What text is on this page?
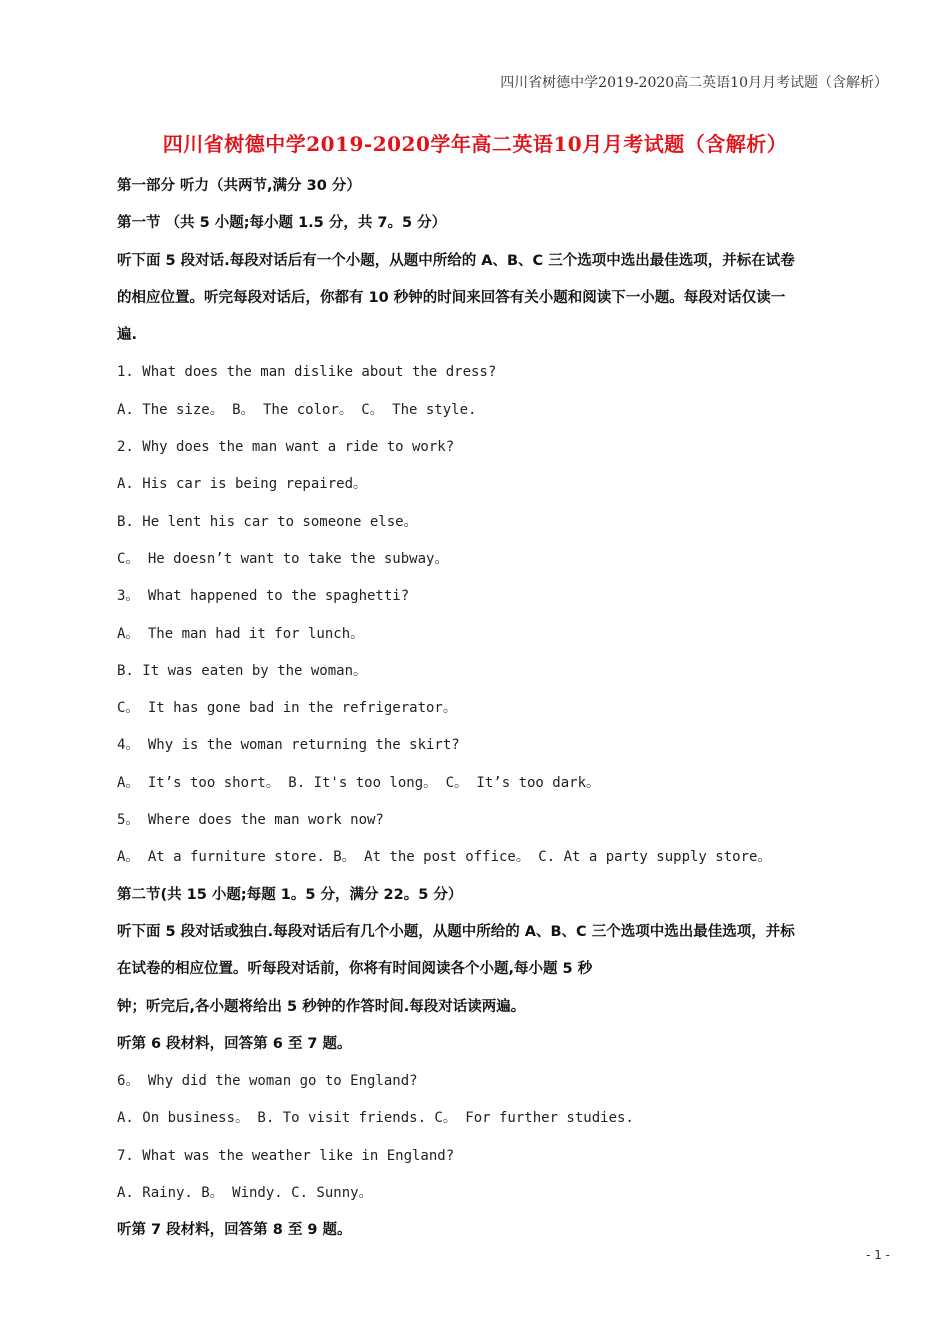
四川省树德中学2019-2020高二英语10月月考试题（含解析）
四川省树德中学2019-2020学年高二英语10月月考试题（含解析）
第一部分 听力（共两节,满分 30 分）
第一节 （共 5 小题;每小题 1.5 分，共 7。5 分）
听下面 5 段对话.每段对话后有一个小题，从题中所给的 A、B、C 三个选项中选出最佳选项，并标在试卷
的相应位置。听完每段对话后，你都有 10 秒钟的时间来回答有关小题和阅读下一小题。每段对话仅读一
遍.
1. What does the man dislike about the dress?
A. The size。 B。 The color。 C。 The style.
2. Why does the man want a ride to work?
A. His car is being repaired。
B. He lent his car to someone else。
C。 He doesn’t want to take the subway。
3。 What happened to the spaghetti?
A。 The man had it for lunch。
B. It was eaten by the woman。
C。 It has gone bad in the refrigerator。
4。 Why is the woman returning the skirt?
A。 It’s too short。 B. It's too long。 C。 It’s too dark。
5。 Where does the man work now?
A。 At a furniture store. B。 At the post office。 C. At a party supply store。
第二节(共 15 小题;每题 1。5 分，满分 22。5 分）
听下面 5 段对话或独白.每段对话后有几个小题，从题中所给的 A、B、C 三个选项中选出最佳选项，并标
在试卷的相应位置。听每段对话前，你将有时间阅读各个小题,每小题 5 秒
钟；听完后,各小题将给出 5 秒钟的作答时间.每段对话读两遍。
听第 6 段材料，回答第 6 至 7 题。
6。 Why did the woman go to England?
A. On business。 B. To visit friends. C。 For further studies.
7. What was the weather like in England?
A. Rainy. B。 Windy. C. Sunny。
听第 7 段材料，回答第 8 至 9 题。
- 1 -
